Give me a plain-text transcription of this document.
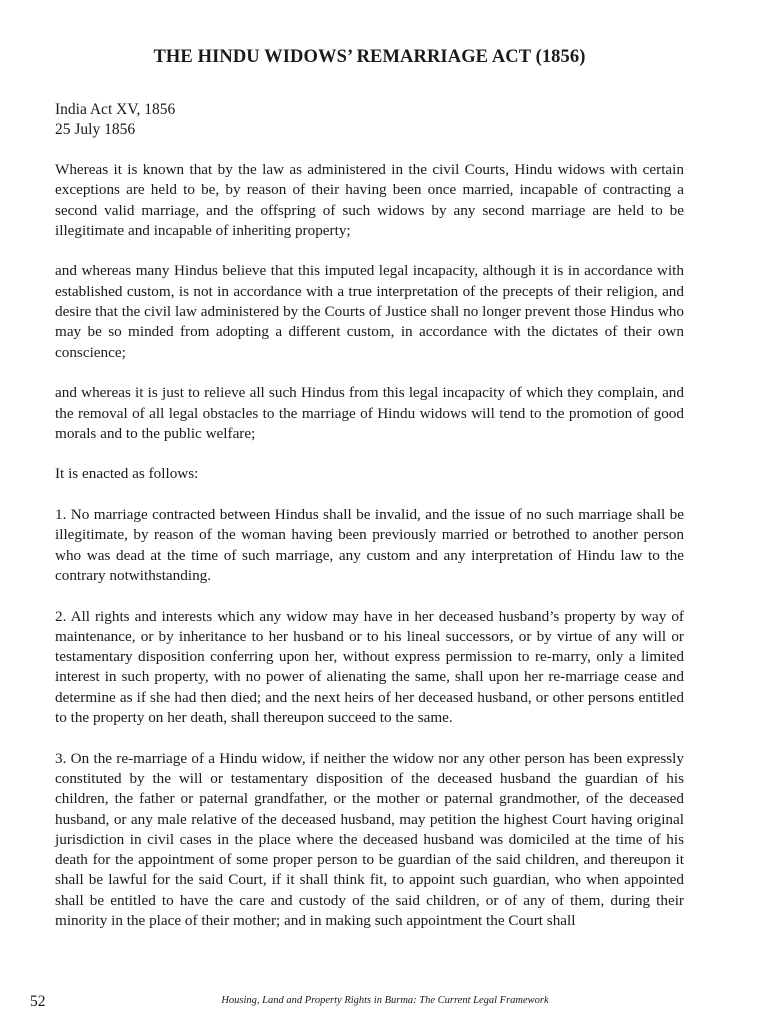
THE HINDU WIDOWS’ REMARRIAGE ACT (1856)
India Act XV, 1856
25 July 1856

Whereas it is known that by the law as administered in the civil Courts, Hindu widows with certain exceptions are held to be, by reason of their having been once married, incapable of contracting a second valid marriage, and the offspring of such widows by any second marriage are held to be illegitimate and incapable of inheriting property;

and whereas many Hindus believe that this imputed legal incapacity, although it is in accordance with established custom, is not in accordance with a true interpretation of the precepts of their religion, and desire that the civil law administered by the Courts of Justice shall no longer prevent those Hindus who may be so minded from adopting a different custom, in accordance with the dictates of their own conscience;

and whereas it is just to relieve all such Hindus from this legal incapacity of which they complain, and the removal of all legal obstacles to the marriage of Hindu widows will tend to the promotion of good morals and to the public welfare;

It is enacted as follows:

1. No marriage contracted between Hindus shall be invalid, and the issue of no such marriage shall be illegitimate, by reason of the woman having been previously married or betrothed to another person who was dead at the time of such marriage, any custom and any interpretation of Hindu law to the contrary notwithstanding.

2. All rights and interests which any widow may have in her deceased husband’s property by way of maintenance, or by inheritance to her husband or to his lineal successors, or by virtue of any will or testamentary disposition conferring upon her, without express permission to re-marry, only a limited interest in such property, with no power of alienating the same, shall upon her re-marriage cease and determine as if she had then died; and the next heirs of her deceased husband, or other persons entitled to the property on her death, shall thereupon succeed to the same.

3. On the re-marriage of a Hindu widow, if neither the widow nor any other person has been expressly constituted by the will or testamentary disposition of the deceased husband the guardian of his children, the father or paternal grandfather, or the mother or paternal grandmother, of the deceased husband, or any male relative of the deceased husband, may petition the highest Court having original jurisdiction in civil cases in the place where the deceased husband was domiciled at the time of his death for the appointment of some proper person to be guardian of the said children, and thereupon it shall be lawful for the said Court, if it shall think fit, to appoint such guardian, who when appointed shall be entitled to have the care and custody of the said children, or of any of them, during their minority in the place of their mother; and in making such appointment the Court shall

52	Housing, Land and Property Rights in Burma: The Current Legal Framework
